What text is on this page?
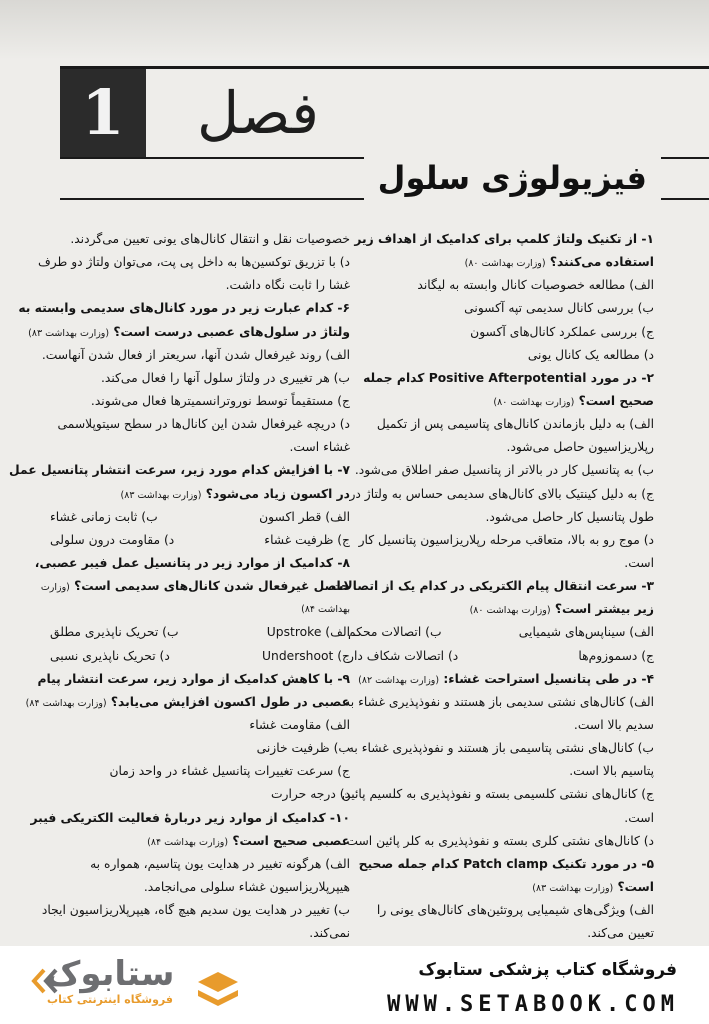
1 فصل
فیزیولوژی سلول
۱- از تکنیک ولتاژ کلمپ برای کدامیک از اهداف زیر
استفاده می‌کنند؟ (وزارت بهداشت ۸۰)
الف) مطالعه خصوصیات کانال وابسته به لیگاند
ب) بررسی کانال سدیمی تپه آکسونی
ج) بررسی عملکرد کانال‌های آکسون
د) مطالعه یک کانال یونی
۲- در مورد Positive Afterpotential کدام جمله
صحیح است؟ (وزارت بهداشت ۸۰)
الف) به دلیل بازماندن کانال‌های پتاسیمی پس از تکمیل
رپلاریزاسیون حاصل می‌شود.
ب) به پتانسیل کار در بالاتر از پتانسیل صفر اطلاق می‌شود.
ج) به دلیل کینتیک بالای کانال‌های سدیمی حساس به ولتاژ در
طول پتانسیل کار حاصل می‌شود.
د) موج رو به بالا، متعاقب مرحله رپلاریزاسیون پتانسیل کار
است.
۳- سرعت انتقال پیام الکتریکی در کدام یک از اتصالات
زیر بیشتر است؟ (وزارت بهداشت ۸۰)
الف) سیناپس‌های شیمیایی
ب) اتصالات محکم
ج) دسموزوم‌ها
د) اتصالات شکاف دار
۴- در طی پتانسیل استراحت غشاء: (وزارت بهداشت ۸۲)
الف) کانال‌های نشتی سدیمی باز هستند و نفوذپذیری غشاء به
سدیم بالا است.
ب) کانال‌های نشتی پتاسیمی باز هستند و نفوذپذیری غشاء به
پتاسیم بالا است.
ج) کانال‌های نشتی کلسیمی بسته و نفوذپذیری به کلسیم پائین
است.
د) کانال‌های نشتی کلری بسته و نفوذپذیری به کلر پائین است.
۵- در مورد تکنیک Patch clamp کدام جمله صحیح
است؟ (وزارت بهداشت ۸۳)
الف) ویژگی‌های شیمیایی پروتئین‌های کانال‌های یونی را
تعیین می‌کند.
خصوصیات نقل و انتقال کانال‌های یونی تعیین می‌گردند.
د) با تزریق توکسین‌ها به داخل پی پت، می‌توان ولتاژ دو طرف
غشا را ثابت نگاه داشت.
۶- کدام عبارت زیر در مورد کانال‌های سدیمی وابسته به
ولتاژ در سلول‌های عصبی درست است؟ (وزارت بهداشت ۸۳)
الف) روند غیرفعال شدن آنها، سریعتر از فعال شدن آنهاست.
ب) هر تغییری در ولتاژ سلول آنها را فعال می‌کند.
ج) مستقیماً توسط نوروترانسمیترها فعال می‌شوند.
د) دریچه غیرفعال شدن این کانال‌ها در سطح سیتوپلاسمی
غشاء است.
۷- با افزایش کدام مورد زیر، سرعت انتشار پتانسیل عمل
در اکسون زیاد می‌شود؟ (وزارت بهداشت ۸۳)
الف) قطر اکسون
ب) ثابت زمانی غشاء
ج) ظرفیت غشاء
د) مقاومت درون سلولی
۸- کدامیک از موارد زیر در پتانسیل عمل فیبر عصبی،
حاصل غیرفعال شدن کانال‌های سدیمی است؟ (وزارت
بهداشت ۸۴)
الف) Upstroke
ب) تحریک ناپذیری مطلق
ج) Undershoot
د) تحریک ناپذیری نسبی
۹- با کاهش کدامیک از موارد زیر، سرعت انتشار پیام
عصبی در طول اکسون افزایش می‌یابد؟ (وزارت بهداشت ۸۴)
الف) مقاومت غشاء
ب) ظرفیت خازنی
ج) سرعت تغییرات پتانسیل غشاء در واحد زمان
د) درجه حرارت
۱۰- کدامیک از موارد زیر دربارهٔ فعالیت الکتریکی فیبر
عصبی صحیح است؟ (وزارت بهداشت ۸۴)
الف) هرگونه تغییر در هدایت یون پتاسیم، همواره به
هیپرپلاریزاسیون غشاء سلولی می‌انجامد.
ب) تغییر در هدایت یون سدیم هیچ گاه، هیپرپلاریزاسیون ایجاد
نمی‌کند.
فروشگاه کتاب پزشکی ستابوک
WWW.SETABOOK.COM
ستابوک
فروشگاه اینترنتی کتاب
